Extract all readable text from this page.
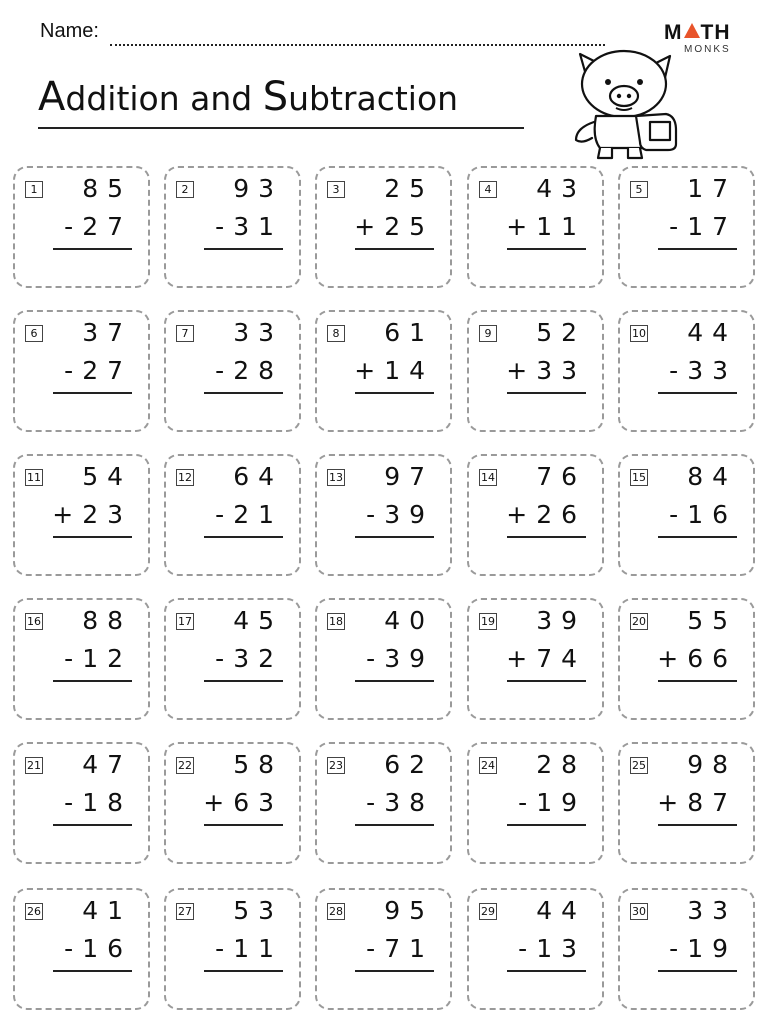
Name:	M TH
MONKS
Addition and Subtraction
1 85
-27
2 93
-31
3 25
+25
4 43
+11
5 17
-17
6 37
-27
7 33
-28
8 61
+14
9 52
+33
10 44
-33
11 54
+23
12 64
-21
13 97
-39
14 76
+26
15 84
-16
16 88
-12
17 45
-32
18 40
-39
19 39
+74
20 55
+66
21 47
-18
22 58
+63
23 62
-38
24 28
-19
25 98
+87
26 41
-16
27 53
-11
28 95
-71
29 44
-13
30 33
-19
